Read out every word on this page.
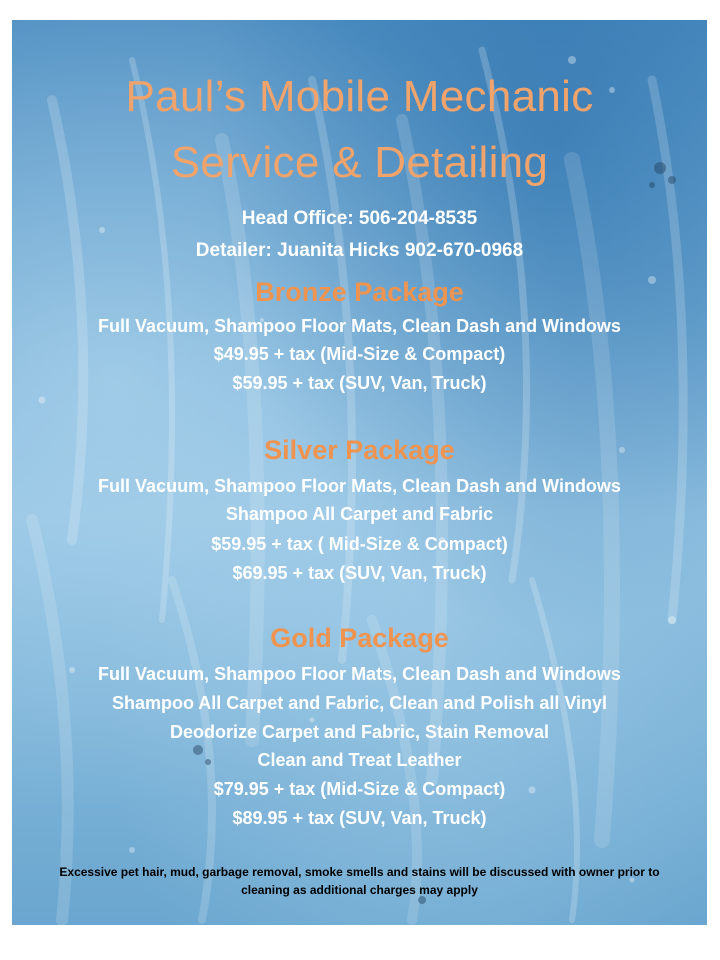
Paul’s Mobile Mechanic
Service & Detailing
Head Office: 506-204-8535
Detailer: Juanita Hicks 902-670-0968
Bronze Package
Full Vacuum, Shampoo Floor Mats, Clean Dash and Windows
$49.95 + tax (Mid-Size & Compact)
$59.95 + tax (SUV, Van, Truck)
Silver Package
Full Vacuum, Shampoo Floor Mats, Clean Dash and Windows
Shampoo All Carpet and Fabric
$59.95 + tax ( Mid-Size & Compact)
$69.95 + tax (SUV, Van, Truck)
Gold Package
Full Vacuum, Shampoo Floor Mats, Clean Dash and Windows
Shampoo All Carpet and Fabric, Clean and Polish all Vinyl
Deodorize Carpet and Fabric, Stain Removal
Clean and Treat Leather
$79.95 + tax (Mid-Size & Compact)
$89.95 + tax (SUV, Van, Truck)
Excessive pet hair, mud, garbage removal, smoke smells and stains will be discussed with owner prior to cleaning as additional charges may apply
